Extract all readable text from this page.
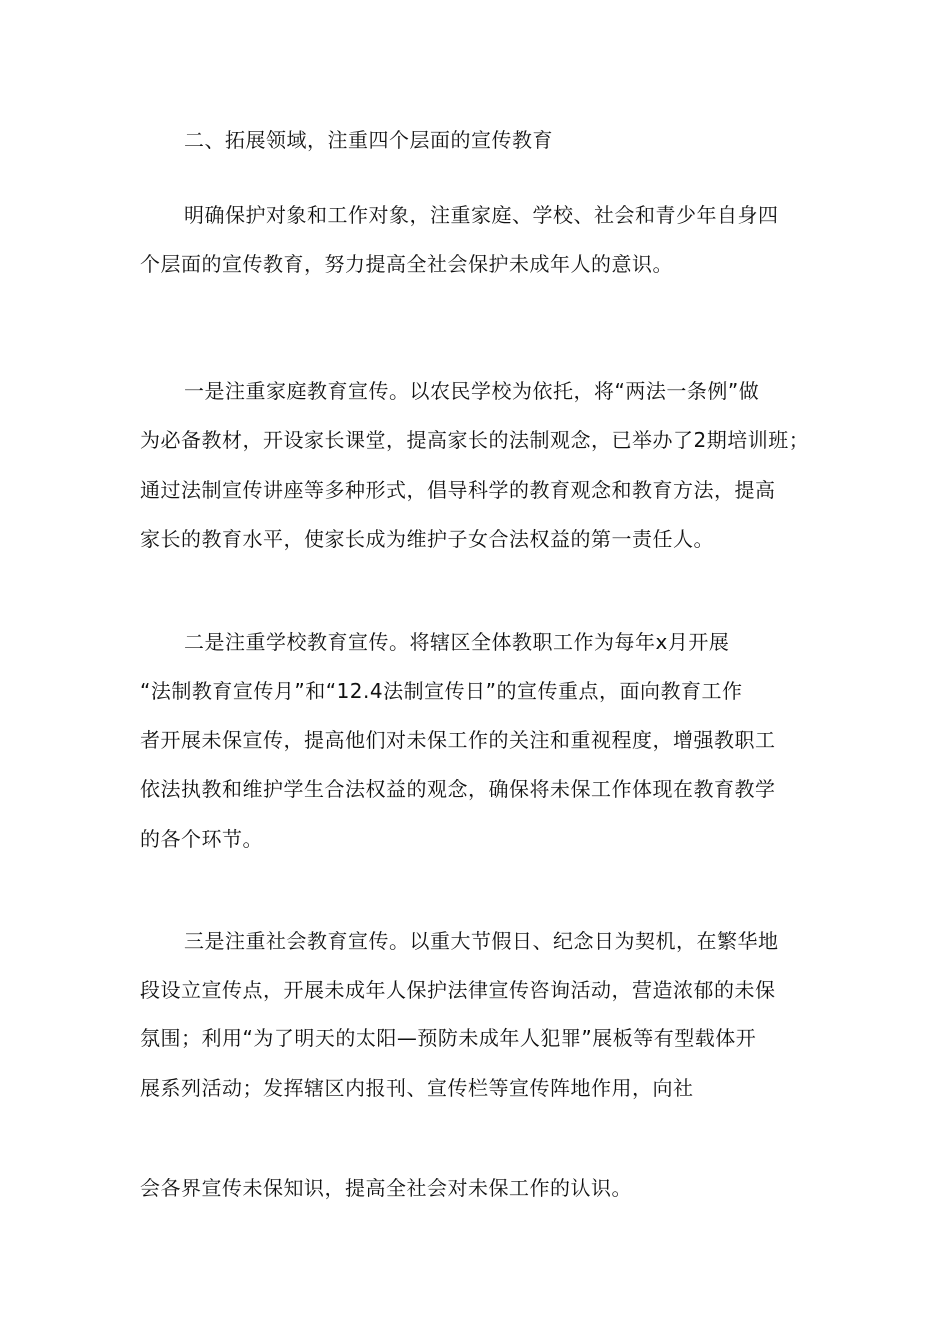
二、拓展领域，注重四个层面的宣传教育
明确保护对象和工作对象，注重家庭、学校、社会和青少年自身四
个层面的宣传教育，努力提高全社会保护未成年人的意识。
一是注重家庭教育宣传。以农民学校为依托，将“两法一条例”做
为必备教材，开设家长课堂，提高家长的法制观念，已举办了2期培训班；
通过法制宣传讲座等多种形式，倡导科学的教育观念和教育方法，提高
家长的教育水平，使家长成为维护子女合法权益的第一责任人。
二是注重学校教育宣传。将辖区全体教职工作为每年x月开展
“法制教育宣传月”和“12.4法制宣传日”的宣传重点，面向教育工作
者开展未保宣传，提高他们对未保工作的关注和重视程度，增强教职工
依法执教和维护学生合法权益的观念，确保将未保工作体现在教育教学
的各个环节。
三是注重社会教育宣传。以重大节假日、纪念日为契机，在繁华地
段设立宣传点，开展未成年人保护法律宣传咨询活动，营造浓郁的未保
氛围；利用“为了明天的太阳—预防未成年人犯罪”展板等有型载体开
展系列活动；发挥辖区内报刊、宣传栏等宣传阵地作用，向社
会各界宣传未保知识，提高全社会对未保工作的认识。
